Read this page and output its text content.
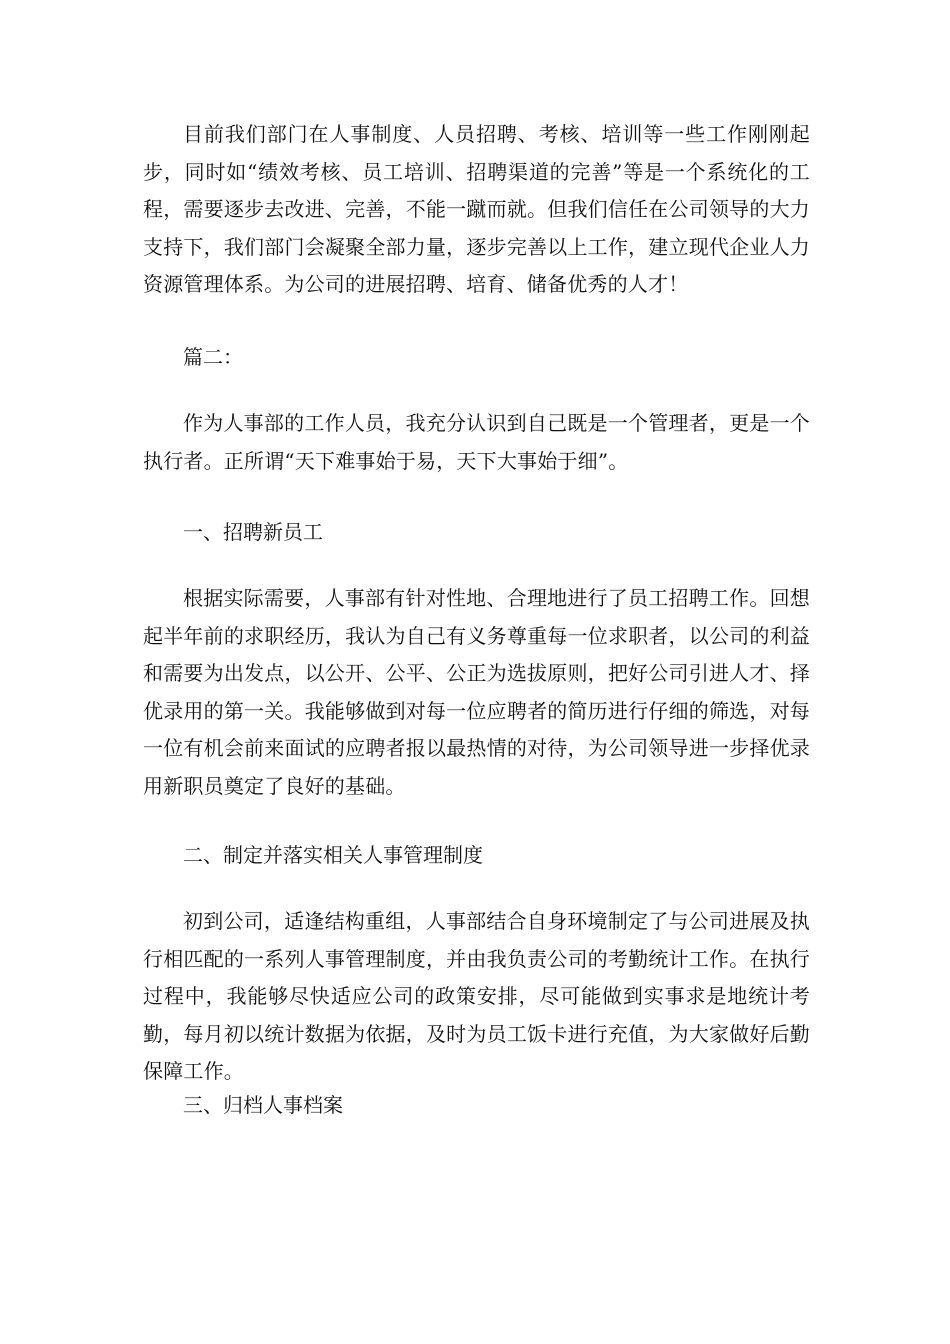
目前我们部门在人事制度、人员招聘、考核、培训等一些工作刚刚起步，同时如“绩效考核、员工培训、招聘渠道的完善”等是一个系统化的工程，需要逐步去改进、完善，不能一蹴而就。但我们信任在公司领导的大力支持下，我们部门会凝聚全部力量，逐步完善以上工作，建立现代企业人力资源管理体系。为公司的进展招聘、培育、储备优秀的人才！

篇二：

作为人事部的工作人员，我充分认识到自己既是一个管理者，更是一个执行者。正所谓“天下难事始于易，天下大事始于细”。

一、招聘新员工

根据实际需要，人事部有针对性地、合理地进行了员工招聘工作。回想起半年前的求职经历，我认为自己有义务尊重每一位求职者，以公司的利益和需要为出发点，以公开、公平、公正为选拔原则，把好公司引进人才、择优录用的第一关。我能够做到对每一位应聘者的简历进行仔细的筛选，对每一位有机会前来面试的应聘者报以最热情的对待，为公司领导进一步择优录用新职员奠定了良好的基础。

二、制定并落实相关人事管理制度

初到公司，适逢结构重组，人事部结合自身环境制定了与公司进展及执行相匹配的一系列人事管理制度，并由我负责公司的考勤统计工作。在执行过程中，我能够尽快适应公司的政策安排，尽可能做到实事求是地统计考勤，每月初以统计数据为依据，及时为员工饭卡进行充值，为大家做好后勤保障工作。

三、归档人事档案
